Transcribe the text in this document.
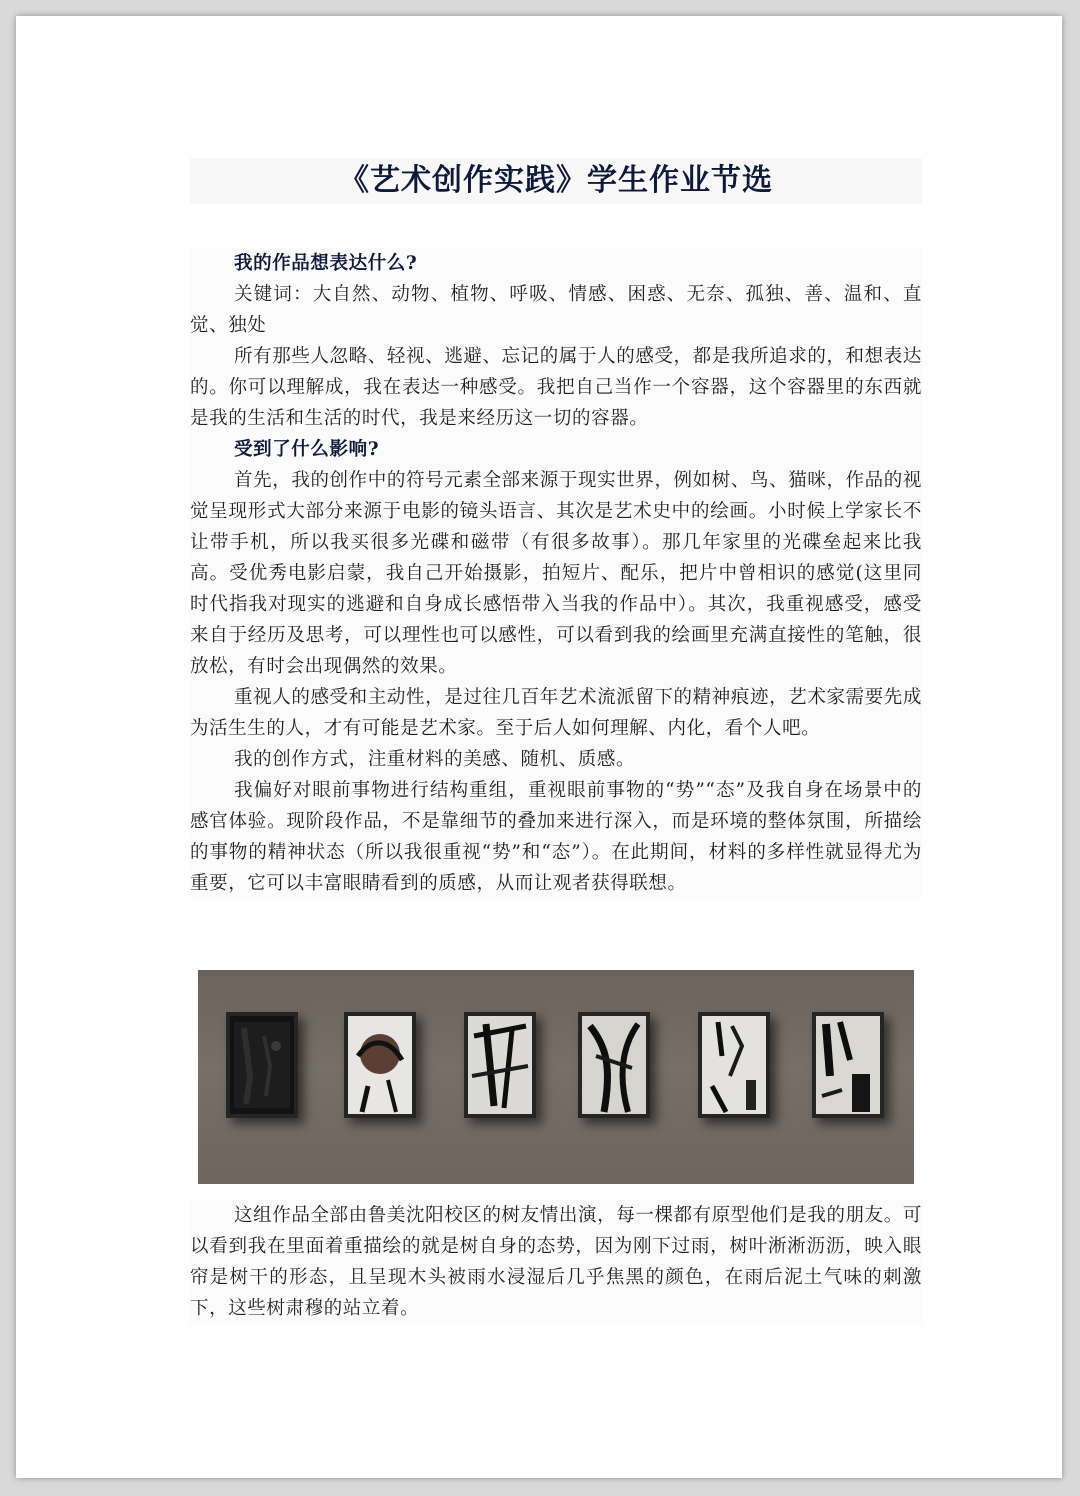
《艺术创作实践》学生作业节选

我的作品想表达什么?

关键词：大自然、动物、植物、呼吸、情感、困惑、无奈、孤独、善、温和、直觉、独处

所有那些人忽略、轻视、逃避、忘记的属于人的感受，都是我所追求的，和想表达的。你可以理解成，我在表达一种感受。我把自己当作一个容器，这个容器里的东西就是我的生活和生活的时代，我是来经历这一切的容器。

受到了什么影响?

首先，我的创作中的符号元素全部来源于现实世界，例如树、鸟、猫咪，作品的视觉呈现形式大部分来源于电影的镜头语言、其次是艺术史中的绘画。小时候上学家长不让带手机，所以我买很多光碟和磁带（有很多故事）。那几年家里的光碟垒起来比我高。受优秀电影启蒙，我自己开始摄影，拍短片、配乐，把片中曾相识的感觉(这里同时代指我对现实的逃避和自身成长感悟带入当我的作品中）。其次，我重视感受，感受来自于经历及思考，可以理性也可以感性，可以看到我的绘画里充满直接性的笔触，很放松，有时会出现偶然的效果。

重视人的感受和主动性，是过往几百年艺术流派留下的精神痕迹，艺术家需要先成为活生生的人，才有可能是艺术家。至于后人如何理解、内化，看个人吧。

我的创作方式，注重材料的美感、随机、质感。

我偏好对眼前事物进行结构重组，重视眼前事物的“势”“态”及我自身在场景中的感官体验。现阶段作品，不是靠细节的叠加来进行深入，而是环境的整体氛围，所描绘的事物的精神状态（所以我很重视“势”和“态”）。在此期间，材料的多样性就显得尤为重要，它可以丰富眼睛看到的质感，从而让观者获得联想。

这组作品全部由鲁美沈阳校区的树友情出演，每一棵都有原型他们是我的朋友。可以看到我在里面着重描绘的就是树自身的态势，因为刚下过雨，树叶淅淅沥沥，映入眼帘是树干的形态，且呈现木头被雨水浸湿后几乎焦黑的颜色，在雨后泥土气味的刺激下，这些树肃穆的站立着。
